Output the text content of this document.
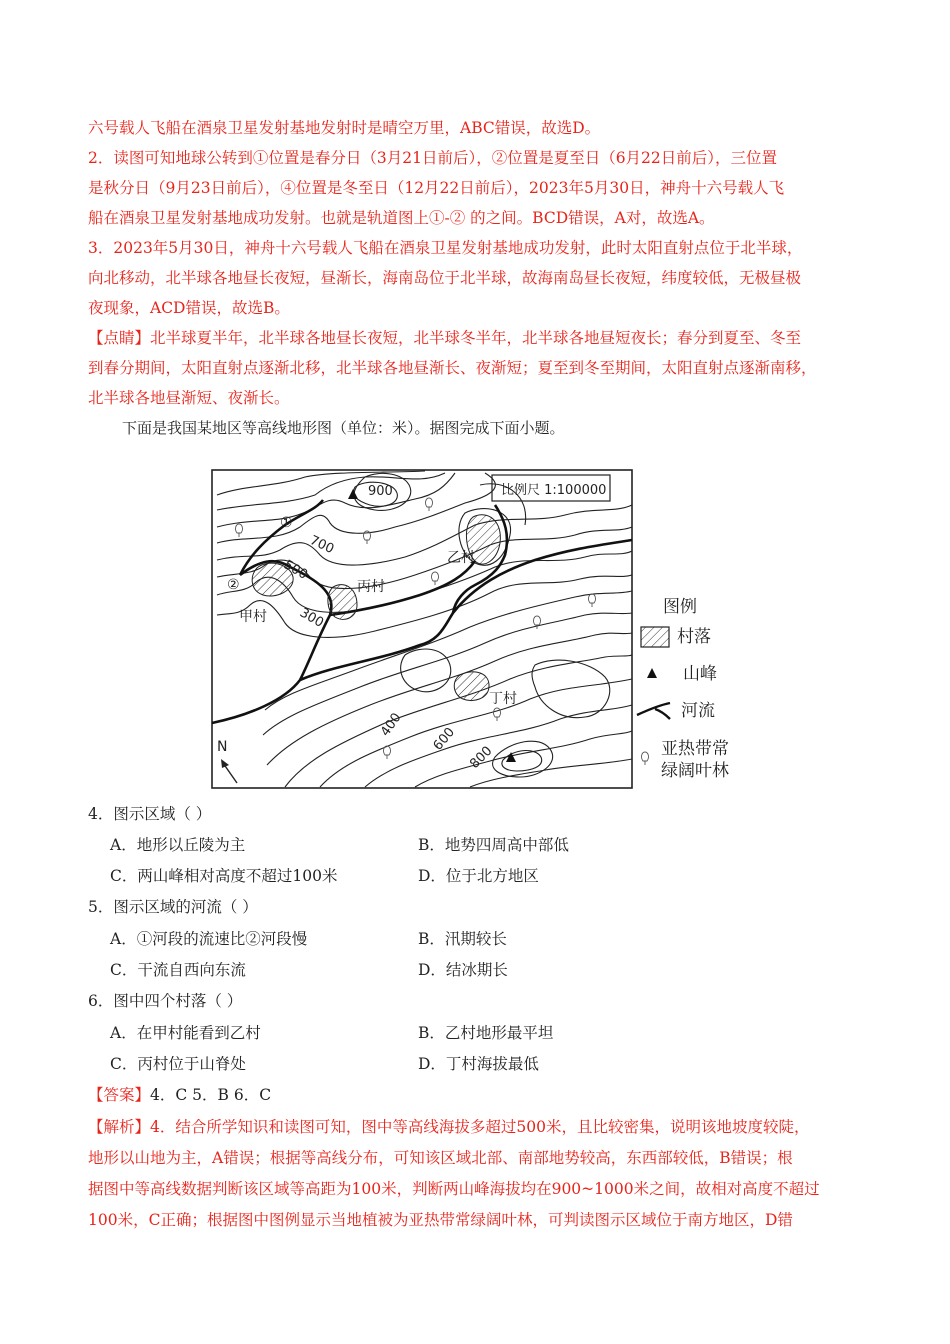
六号载人飞船在酒泉卫星发射基地发射时是晴空万里，ABC错误，故选D。
2．读图可知地球公转到①位置是春分日（3月21日前后），②位置是夏至日（6月22日前后），三位置
是秋分日（9月23日前后），④位置是冬至日（12月22日前后），2023年5月30日，神舟十六号载人飞
船在酒泉卫星发射基地成功发射。也就是轨道图上①-② 的之间。BCD错误，A对，故选A。
3．2023年5月30日，神舟十六号载人飞船在酒泉卫星发射基地成功发射，此时太阳直射点位于北半球，
向北移动，北半球各地昼长夜短，昼渐长，海南岛位于北半球，故海南岛昼长夜短，纬度较低，无极昼极
夜现象，ACD错误，故选B。
【点睛】北半球夏半年，北半球各地昼长夜短，北半球冬半年，北半球各地昼短夜长；春分到夏至、冬至
到春分期间，太阳直射点逐渐北移，北半球各地昼渐长、夜渐短；夏至到冬至期间，太阳直射点逐渐南移，
北半球各地昼渐短、夜渐长。
下面是我国某地区等高线地形图（单位：米）。据图完成下面小题。
比例尺 1:100000
900
700
500
300
400 600
800
甲村
乙村
丙村
丁村
①
②
N
图例
村落
山峰
河流
亚热带常
绿阔叶林
4．图示区域（ ）
A．地形以丘陵为主	B．地势四周高中部低
C．两山峰相对高度不超过100米	D．位于北方地区
5．图示区域的河流（ ）
A．①河段的流速比②河段慢	B．汛期较长
C．干流自西向东流	D．结冰期长
6．图中四个村落（ ）
A．在甲村能看到乙村	B．乙村地形最平坦
C．丙村位于山脊处	D．丁村海拔最低
【答案】4．C 5．B 6．C
【解析】4．结合所学知识和读图可知，图中等高线海拔多超过500米，且比较密集，说明该地坡度较陡，
地形以山地为主，A错误；根据等高线分布，可知该区域北部、南部地势较高，东西部较低，B错误；根
据图中等高线数据判断该区域等高距为100米，判断两山峰海拔均在900~1000米之间，故相对高度不超过
100米，C正确；根据图中图例显示当地植被为亚热带常绿阔叶林，可判读图示区域位于南方地区，D错
